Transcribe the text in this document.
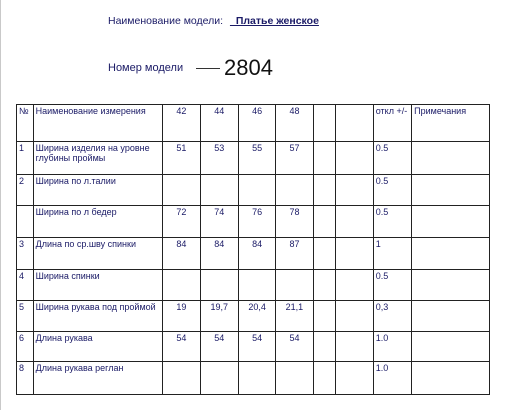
Наименование модели: _Платье женское
Номер модели 2804
№	Наименование измерения	42	44	46	48			откл +/-	Примечания
1	Ширина изделия на уровне глубины проймы	51	53	55	57			0.5	
2	Ширина по л.талии							0.5	
	Ширина по л бедер	72	74	76	78			0.5	
3	Длина по ср.шву спинки	84	84	84	87			1	
4	Ширина спинки							0.5	
5	Ширина рукава под проймой	19	19,7	20,4	21,1			0,3	
6	Длина рукава	54	54	54	54			1.0	
8	Длина рукава реглан							1.0	
